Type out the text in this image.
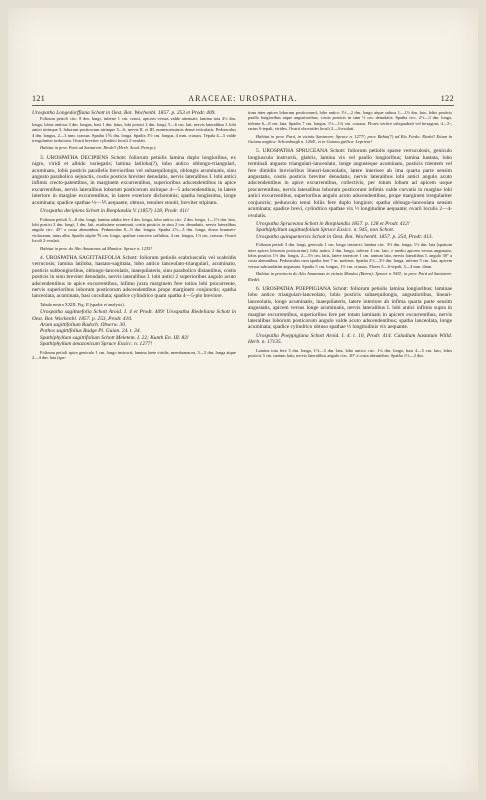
121	ARACEAE: UROSPATHA.	122

Urospatha Longedorffiana Schott in Oest. Bot. Wochenbl. 1857. p. 253 et Prodr. 409.

Folioum petioli circ. 8 dm. longi, inferne 1 cm. crassi, apicem versus valde attenuati; lamina tota 4½ dm. longa, lobus anticus 3 dm. longus, basi 1 dm. latus, lobi postici 2 dm. longi, 5—6 cm. lati, nervis lateralibus I. lobi antici utrinque 3, loborum posticorum utrinque 5—6, nervis II. et III. numerosissimis dense reticulatis. Pedunculus 4 dm. longus, 2—3 mm. crassus. Spatha 1⅙ dm. longa. Spadix 3½ cm. longus, 4 mm. crassus. Tepala 4—5 valde irregulariter imbricata. Ovarii breviter cylindrici loculi 2-ovulati.

Habitat in prov. Pará ad Santarem: Riedel! (Herb. Acad. Petrop.).

3. UROSPATHA DECIPIENS Schott: foliorum petiolis lamina duplo longioribus, ex nigro, viridi et albido variegatis; lamina latiloba(?), lobo antico oblongo-triangulari, acuminato, lobis posticis parallelis brevioribus vel subaequilongis, oblongis acuminatis, sinu angusto parabolico sejunctis, costis posticis breviter denudatis, nervis lateralibus I. lobi antici infimis crecto-patentibus, in marginem excurrentibus, superioribus adscendentibus in apice excurrentibus, nervis lateralibus loborum posticorum utrinque 4—5 adscendentibus, in latere interiore in margine excurrentibus, in latere exteriore dichotomis; spatha longissima, longe acuminata; spadice spathae ⅓—⅕ aequante, obtuso, tenuiter stoniti, breviter stipitato.

Urospatha decipiens Schott in Bonplandia V. (1857) 128, Prodr. 411!

Folioum petioli 5—8 dm. longi; lamina adulta fere 4 dm. longa, lobo antico circ. 2 dm. longo, 1—1½ dm. lato, lobi postici 2 dm. longi, 1 dm. lati, acutissime acuminati, costis posticis in sinu 2 cm. denudatis, nervis lateralibus angulo circ. 45° a costa abeuntibus. Pedunculus 8—9 dm. longus. Spatha 2½—3 dm. longa, dorso brunneo-violaceum, intus alba. Spadix stipite ⅘ cm. longo, spathae concreto suffultus, 4 cm. longus, 1½ cm. crassus. Ovarii loculi 2-ovulati.

Habitat in prov. do Alto Amazonas ad Manáos: Spruce n. 1235!

4. UROSPATHA SAGITTAEFOLIA Schott: foliorum petiolis scabriusculis vel scabridis verrucosis; lamina latiloba, hastato-sagittata, lobo antico lanceolato-triangulari, acuminato, posticis subbongioribus, oblongo-lanceolatis, inaequilateris, sinu parabolico distantibus, costis posticis in sinu breviter denudatis, nervis lateralibus I. lobi antici 2 superioribus angulo acuto adscendentibus in apice excurrentibus, infimo juxta marginem fere totius lobi procurrente, nervis superioribus loborum posticorum adscendentibus prope marginem conjunctis; spatha lanceolata, acuminata, basi cucullata; spadice cylindrico quam spatha 4—5-plo breviore.

Tabula nostra XXIII. Fig. II (spadix et analysis).

Urospatha sagittaefolia Schott Aroid. I. 4 et Prodr. 409! Urospatha Riedeliana Schott in Oest. Bot. Wochenbl. 1857. p. 253, Prodr. 410.

Arum sagittifolium Rudsch. Obserw. 30.

Pothos sagittifolius Rudge Pl. Guian. 24. t. 34.

Spathiphyllum sagittifolium Schott Meletem. I. 22; Kunth En. III. 83!

Spathiphyllum amazonicum Spruce Exsicc. n. 1277!

Folioum petioli apice geniculo 1 cm. longo instructi; lamina laete viridis, membranacea, 3—5 dm. longa atque 2—4 dm. lata (spa-

tium inter apices loborum posticorum), lobo antico 1½—2 dm. longo atque subtus 1—1½ dm. lato, lobis posticis paullo longioribus atque angustioribus, costis posticis in sinu ½ cm. denudatis. Spatha circ. 2½—3 dm. longa, inferne 6—8 cm. lata. Spadix 7 cm. longus, 1½—1¾ cm. crassus. Flores vertice subquadrati vel hexagoni, 4—5-, rarius 6-tepali, virides. Ovarii obovoidei loculi 2—4-ovulati.

Habitat in prov. Pará, in vicinia Santarem: Spruce n. 1277!; prov. Bahia(?) ad Rio Fordo: Riedel! Etiam in Guiana anglica: Schomburgk n. 1264!, et in Guiana gallica: Leprieur!

5. UROSPATHA SPRUCEANA Schott: foliorum petiolis sparse verruculosis, geniculo longiusculo instructis, glabris, lamina vix vel paullo longioribus; lamina hastata, lobo terminali angusto triangulari-lanceolato, longe angusteque acuminato, posticis trientem vel fere dimidio brevioribus lineari-lanceolatis, latere interiore ab ima quarta parte sensim angustatis, costis posticis breviter denudatis, nervis lateralibus lobi antici angulo acuto adscendentibus in apice excurrentibus, collectivis, per totum lobum ad apicem usque procurrentibus, nervis lateralibus loborum posticorum infimis valde curvatis in margine lobi antici excurrentibus, superioribus angulo acuto adscendentibus, prope marginem irregulariter conjunctis; pedunculo tenui foliis fere duplo longiore; spatha oblongo-lanceolata sensim acuminata; spadice brevi, cylindrico spathae vix ½ longitudine aequante; ovarii loculis 2—4-ovulatis.

Urospatha Spruceana Schott in Bonplandia 1857. p. 128 et Prodr. 412!

Spathiphyllum sagittaefolium Spruce Exsicc. n. 945, non Schott.

Urospatha quinquenervis Schott in Oest. Bot. Wochenbl. 1857. p. 254, Prodr. 413.

Folioum petioli 3 dm. longi, geniculo 1 cm. longo instructi; lamina circ. 3½ dm. longa, 1½ dm. lata (spatium inter apices loborum posticorum), lobo antico 2 dm. longo, inferne 4 cm. lato, e medio apicem versus angustato, lobis posticis 1½ dm. longis, 2—3½ cm. latis, latere interiore 1 cm. tantum lato, nervis lateralibus I. angulo 30° a costa abeuntibus. Pedunculus cum spatha fere 7 m. metiens. Spatha 2½—3½ dm. longa, inferne 5 cm. lata, apicem versus sabcaudatim angustata. Spadix 5 cm. longus, 1½ cm. crassus. Flores 5—6-tepali, 3—4 mm. diam.

Habitat in provincia do Alto Amazonas in vicinia Manáos (Barra): Spruce n. 945!; in prov. Pará ad Santarem: Riedel.

6. UROSPATHA POEPPIGIANA Schott: foliorum petiolis lamina longioribus; laminae lobo antico triangulari-lanceolato, lobis posticis subaequilongis, angustioribus, lineari-lanceolatis, longe acuminatis, inaequilateris, latere interiore ab infima quarta parte sensim angustatis, apicem versus longe acuminatis, nervis lateralibus I. lobi antici infimis supra in margine excurrentibus, superioribus fere per totam laminam in apicem excurrentibus, nervis lateralibus loborum posticorum angulo valde acuto adscendentibus; spatha lanceolata, longe acuminata; spadice cylindrico obtuso spathae ⅓ longitudinis vix aequante.

Urospatha Poeppigiana Schott Aroid. I. 4. t. 10, Prodr. 414. Caladium hastatum Willd. Herb. n. 17135.

Lamina tota fere 3 dm. longa, 1½—3 dm. lata, lobo antico circ. 1¼ dm. longo, basi 4—5 cm. lato, lobis posticis 3 cm. tantum latis, nervis lateralibus angulo circ. 20° a costa abeuntibus. Spatha 1½—2 dm.
